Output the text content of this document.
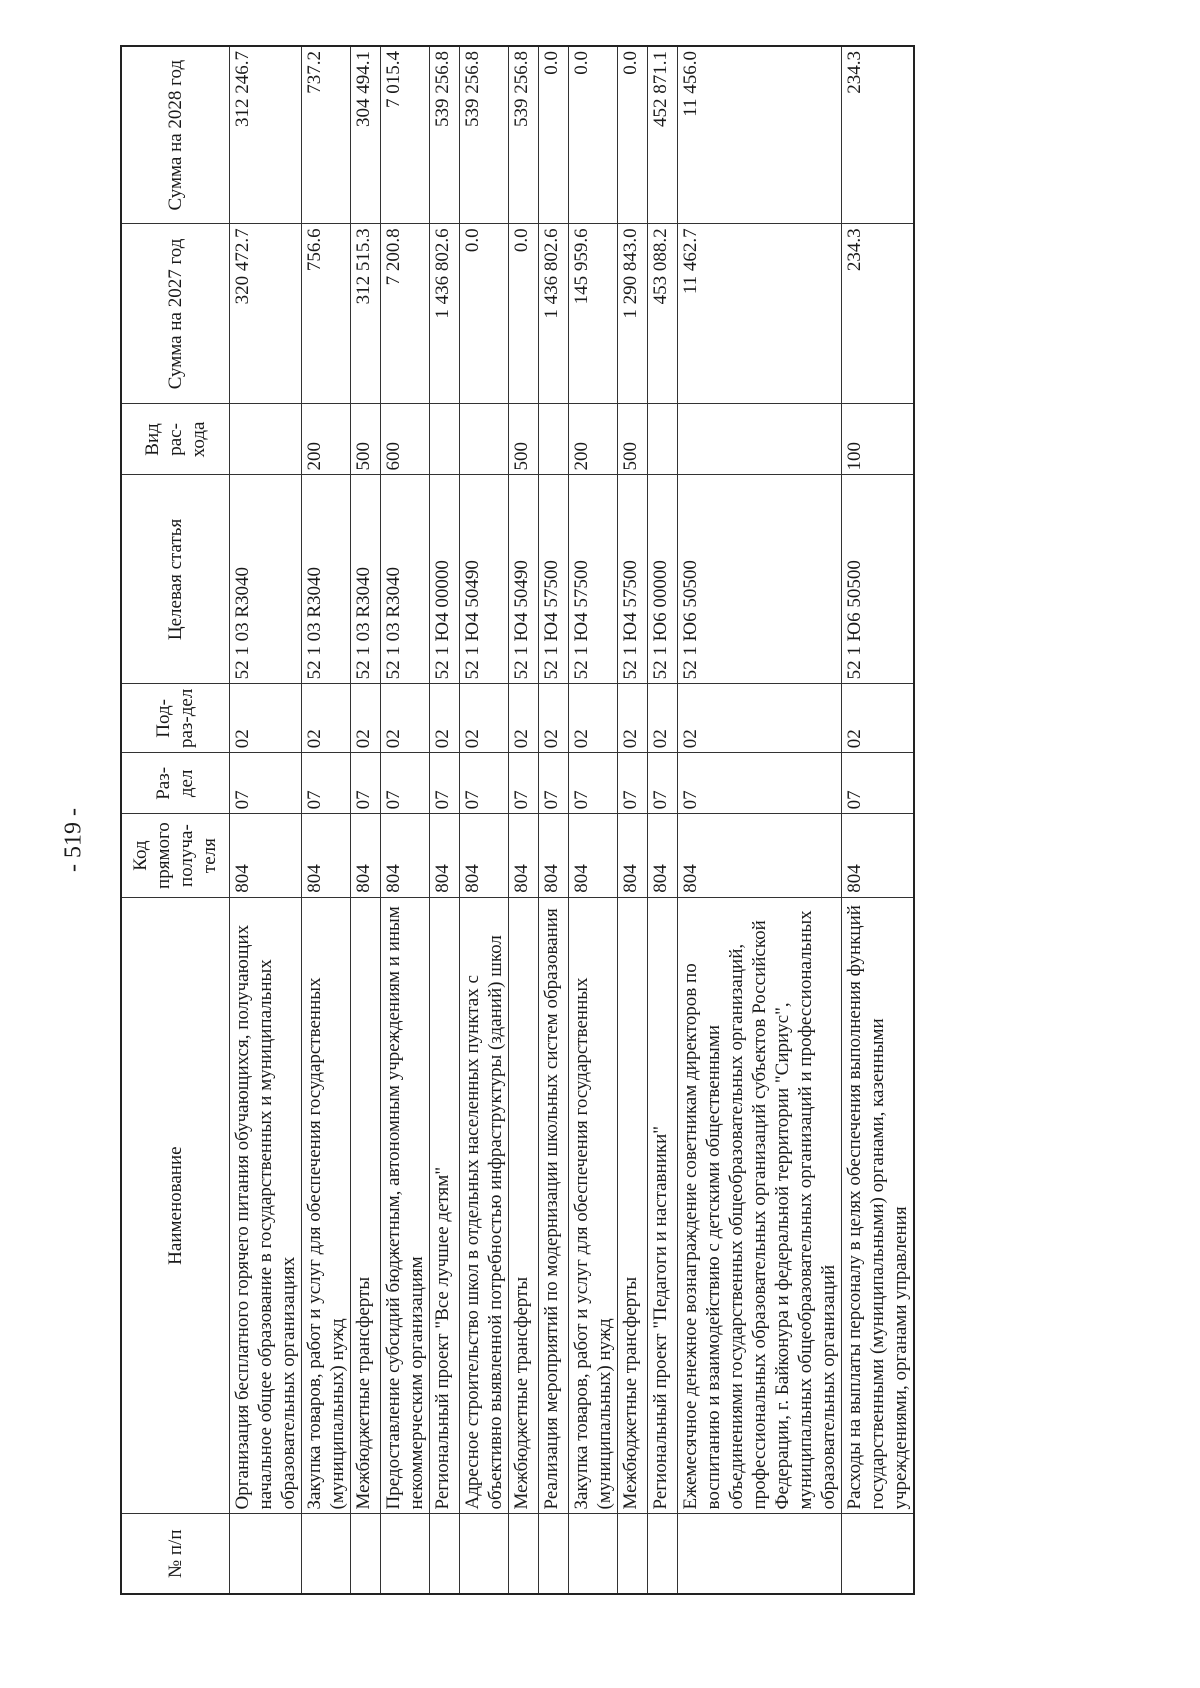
- 519 -
№ п/п	Наименование	Код прямого получа-теля	Раз-дел	Под-раз-дел	Целевая статья	Вид рас-хода	Сумма на 2027 год	Сумма на 2028 год
	Организация бесплатного горячего питания обучающихся, получающих начальное общее образование в государственных и муниципальных образовательных организациях	804	07	02	52 1 03 R3040		320 472.7	312 246.7
	Закупка товаров, работ и услуг для обеспечения государственных (муниципальных) нужд	804	07	02	52 1 03 R3040	200	756.6	737.2
	Межбюджетные трансферты	804	07	02	52 1 03 R3040	500	312 515.3	304 494.1
	Предоставление субсидий бюджетным, автономным учреждениям и иным некоммерческим организациям	804	07	02	52 1 03 R3040	600	7 200.8	7 015.4
	Региональный проект "Все лучшее детям"	804	07	02	52 1 Ю4 00000		1 436 802.6	539 256.8
	Адресное строительство школ в отдельных населенных пунктах с объективно выявленной потребностью инфраструктуры (зданий) школ	804	07	02	52 1 Ю4 50490		0.0	539 256.8
	Межбюджетные трансферты	804	07	02	52 1 Ю4 50490	500	0.0	539 256.8
	Реализация мероприятий по модернизации школьных систем образования	804	07	02	52 1 Ю4 57500		1 436 802.6	0.0
	Закупка товаров, работ и услуг для обеспечения государственных (муниципальных) нужд	804	07	02	52 1 Ю4 57500	200	145 959.6	0.0
	Межбюджетные трансферты	804	07	02	52 1 Ю4 57500	500	1 290 843.0	0.0
	Региональный проект "Педагоги и наставники"	804	07	02	52 1 Ю6 00000		453 088.2	452 871.1
	Ежемесячное денежное вознаграждение советникам директоров по воспитанию и взаимодействию с детскими общественными объединениями государственных общеобразовательных организаций, профессиональных образовательных организаций субъектов Российской Федерации, г. Байконура и федеральной территории "Сириус", муниципальных общеобразовательных организаций и профессиональных образовательных организаций	804	07	02	52 1 Ю6 50500		11 462.7	11 456.0
	Расходы на выплаты персоналу в целях обеспечения выполнения функций государственными (муниципальными) органами, казенными учреждениями, органами управления	804	07	02	52 1 Ю6 50500	100	234.3	234.3
